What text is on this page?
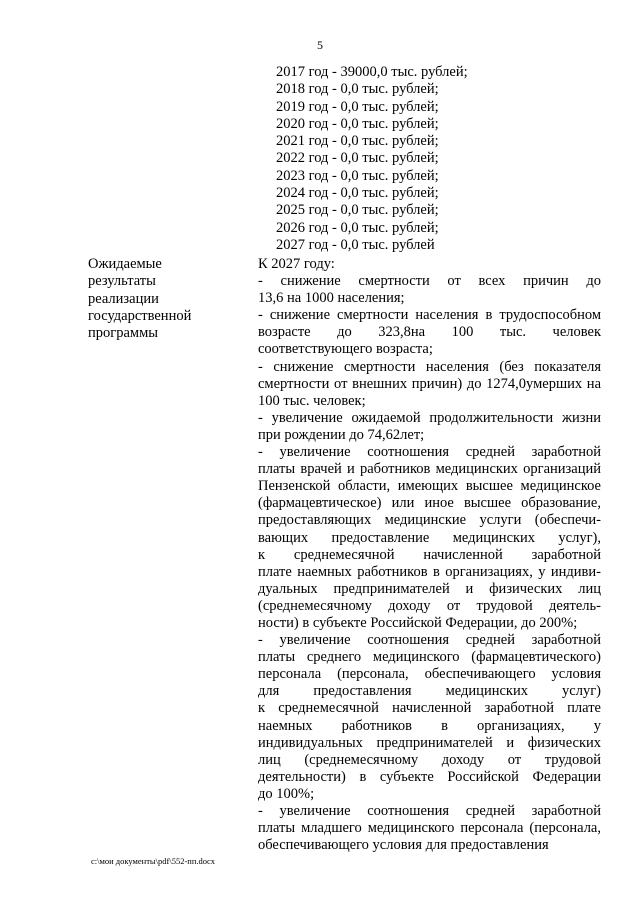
5
2017 год - 39000,0 тыс. рублей;
2018 год - 0,0 тыс. рублей;
2019 год - 0,0 тыс. рублей;
2020 год - 0,0 тыс. рублей;
2021 год - 0,0 тыс. рублей;
2022 год - 0,0 тыс. рублей;
2023 год - 0,0 тыс. рублей;
2024 год - 0,0 тыс. рублей;
2025 год - 0,0 тыс. рублей;
2026 год - 0,0 тыс. рублей;
2027 год - 0,0 тыс. рублей
Ожидаемые
результаты
реализации
государственной
программы
К 2027 году:
- снижение смертности от всех причин до
13,6 на 1000 населения;
- снижение смертности населения в трудоспособном
возрасте до 323,8на 100 тыс. человек
соответствующего возраста;
- снижение смертности населения (без показателя
смертности от внешних причин) до 1274,0умерших на
100 тыс. человек;
- увеличение ожидаемой продолжительности жизни
при рождении до 74,62лет;
- увеличение соотношения средней заработной
платы врачей и работников медицинских организаций
Пензенской области, имеющих высшее медицинское
(фармацевтическое) или иное высшее образование,
предоставляющих медицинские услуги (обеспечи-
вающих предоставление медицинских услуг),
к среднемесячной начисленной заработной
плате наемных работников в организациях, у индиви-
дуальных предпринимателей и физических лиц
(среднемесячному доходу от трудовой деятель-
ности) в субъекте Российской Федерации, до 200%;
- увеличение соотношения средней заработной
платы среднего медицинского (фармацевтического)
персонала (персонала, обеспечивающего условия
для предоставления медицинских услуг)
к среднемесячной начисленной заработной плате
наемных работников в организациях, у
индивидуальных предпринимателей и физических
лиц (среднемесячному доходу от трудовой
деятельности) в субъекте Российской Федерации
до 100%;
- увеличение соотношения средней заработной
платы младшего медицинского персонала (персонала,
обеспечивающего условия для предоставления
c:\мои документы\pdf\552-пп.docx
